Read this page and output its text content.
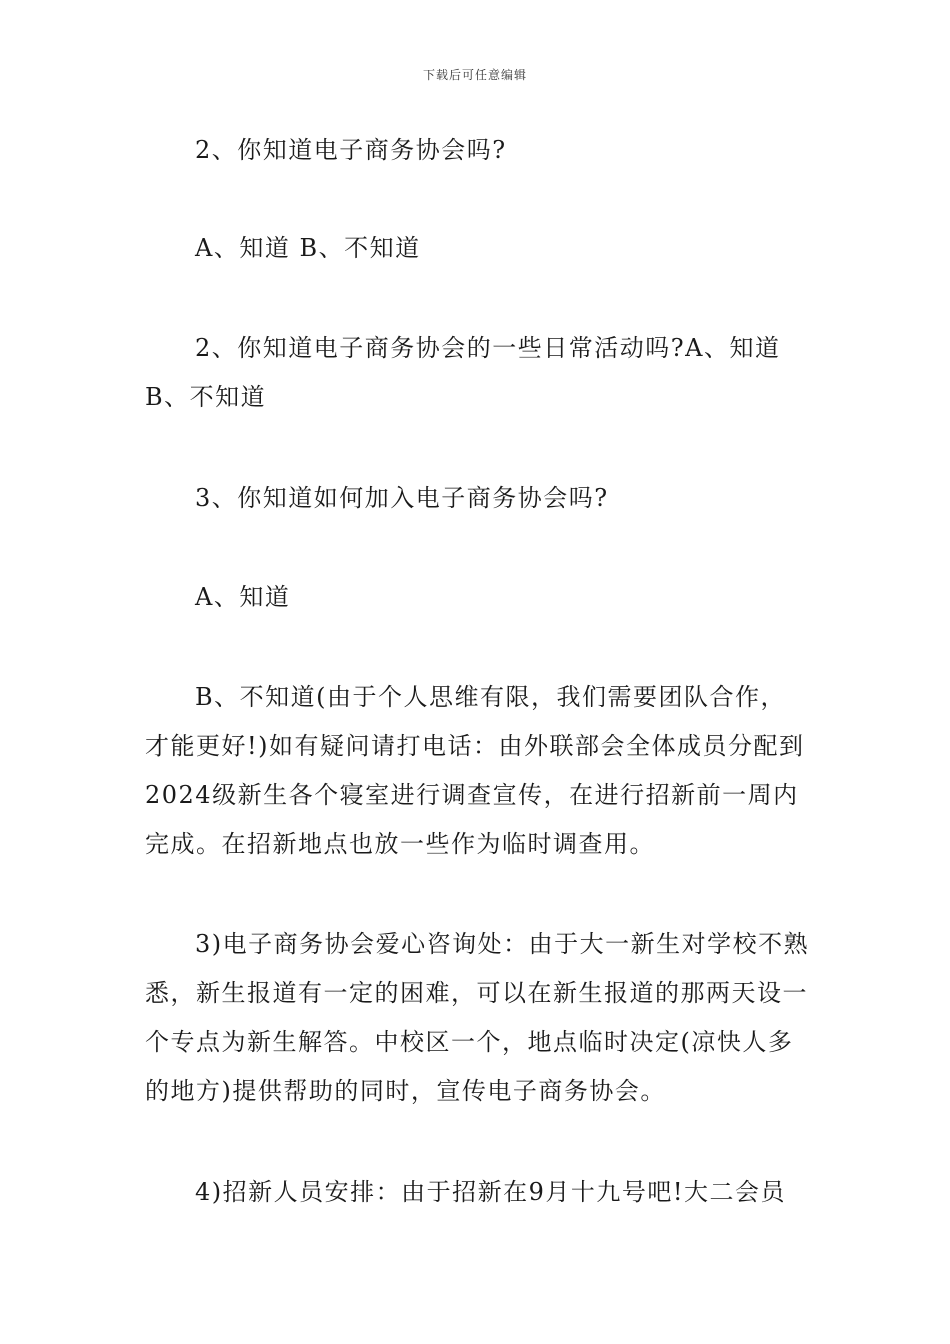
下载后可任意编辑

2、你知道电子商务协会吗?

A、知道 B、不知道

2、你知道电子商务协会的一些日常活动吗?A、知道 B、不知道

3、你知道如何加入电子商务协会吗?

A、知道

B、不知道(由于个人思维有限，我们需要团队合作，才能更好!)如有疑问请打电话：由外联部会全体成员分配到2024级新生各个寝室进行调查宣传，在进行招新前一周内完成。在招新地点也放一些作为临时调查用。

3)电子商务协会爱心咨询处：由于大一新生对学校不熟悉，新生报道有一定的困难，可以在新生报道的那两天设一个专点为新生解答。中校区一个，地点临时决定(凉快人多的地方)提供帮助的同时，宣传电子商务协会。

4)招新人员安排：由于招新在9月十九号吧!大二会员
